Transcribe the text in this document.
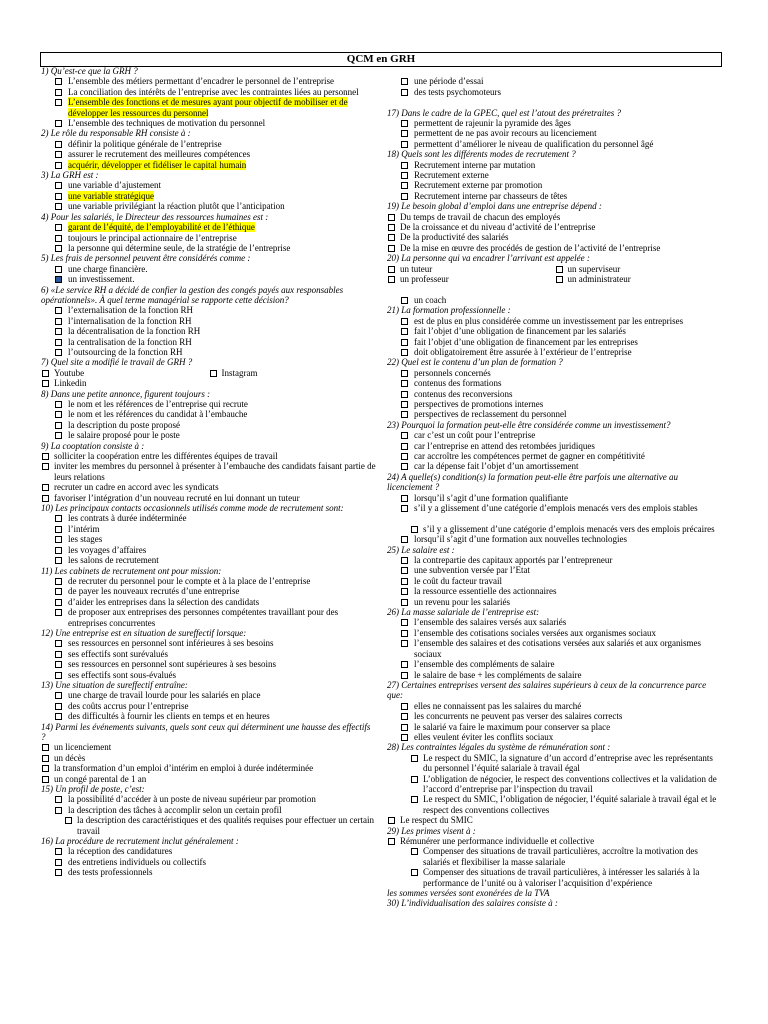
QCM en GRH
1) Qu’est-ce que la GRH ?
L’ensemble des métiers permettant d’encadrer le personnel de l’entreprise
La conciliation des intérêts de l’entreprise avec les contraintes liées au personnel
L’ensemble des fonctions et de mesures ayant pour objectif de mobiliser et de développer les ressources du personnel
L’ensemble des techniques de motivation du personnel
2) Le rôle du responsable RH consiste à :
définir la politique générale de l’entreprise
assurer le recrutement des meilleures compétences
acquérir, développer et fidéliser le capital humain
3) La GRH est :
une variable d’ajustement
une variable stratégique
une variable privilégiant la réaction plutôt que l’anticipation
4) Pour les salariés, le Directeur des ressources humaines est :
garant de l’équité, de l’employabilité et de l’éthique
toujours le principal actionnaire de l’entreprise
la personne qui détermine seule, de la stratégie de l’entreprise
5) Les frais de personnel peuvent être considérés comme :
une charge financière.
un investissement.
6) «Le service RH a décidé de confier la gestion des congés payés aux responsables opérationnels». À quel terme managérial se rapporte cette décision?
l’externalisation de la fonction RH
l’internalisation de la fonction RH
la décentralisation de la fonction RH
la centralisation de la fonction RH
l’outsourcing de la fonction RH
7) Quel site a modifié le travail de GRH ?
Youtube	Instagram
Linkedin
8) Dans une petite annonce, figurent toujours :
le nom et les références de l’entreprise qui recrute
le nom et les références du candidat à l’embauche
la description du poste proposé
le salaire proposé pour le poste
9) La cooptation consiste à :
solliciter la coopération entre les différentes équipes de travail
inviter les membres du personnel à présenter à l’embauche des candidats faisant partie de leurs relations
recruter un cadre en accord avec les syndicats
favoriser l’intégration d’un nouveau recruté en lui donnant un tuteur
10) Les principaux contacts occasionnels utilisés comme mode de recrutement sont:
les contrats à durée indéterminée
l’intérim
les stages
les voyages d’affaires
les salons de recrutement
11) Les cabinets de recrutement ont pour mission:
de recruter du personnel pour le compte et à la place de l’entreprise
de payer les nouveaux recrutés d’une entreprise
d’aider les entreprises dans la sélection des candidats
de proposer aux entreprises des personnes compétentes travaillant pour des entreprises concurrentes
12) Une entreprise est en situation de sureffectif lorsque:
ses ressources en personnel sont inférieures à ses besoins
ses effectifs sont surévalués
ses ressources en personnel sont supérieures à ses besoins
ses effectifs sont sous-évalués
13) Une situation de sureffectif entraîne:
une charge de travail lourde pour les salariés en place
des coûts accrus pour l’entreprise
des difficultés à fournir les clients en temps et en heures
14) Parmi les événements suivants, quels sont ceux qui déterminent une hausse des effectifs ?
un licenciement
un décès
la transformation d’un emploi d’intérim en emploi à durée indéterminée
un congé parental de 1 an
15) Un profil de poste, c’est:
la possibilité d’accéder à un poste de niveau supérieur par promotion
la description des tâches à accomplir selon un certain profil
la description des caractéristiques et des qualités requises pour effectuer un certain travail
16) La procédure de recrutement inclut généralement :
la réception des candidatures
des entretiens individuels ou collectifs
des tests professionnels
une période d’essai
des tests psychomoteurs
17) Dans le cadre de la GPEC, quel est l’atout des préretraites ?
permettent de rajeunir la pyramide des âges
permettent de ne pas avoir recours au licenciement
permettent d’améliorer le niveau de qualification du personnel âgé
18) Quels sont les différents modes de recrutement ?
Recrutement interne par mutation
Recrutement externe
Recrutement externe par promotion
Recrutement interne par chasseurs de têtes
19) Le besoin global d’emploi dans une entreprise dépend :
Du temps de travail de chacun des employés
De la croissance et du niveau d’activité de l’entreprise
De la productivité des salariés
De la mise en œuvre des procédés de gestion de l’activité de l’entreprise
20) La personne qui va encadrer l’arrivant est appelée :
un tuteur	un superviseur
un professeur	un administrateur
un coach
21) La formation professionnelle :
est de plus en plus considérée comme un investissement par les entreprises
fait l’objet d’une obligation de financement par les salariés
fait l’objet d’une obligation de financement par les entreprises
doit obligatoirement être assurée à l’extérieur de l’entreprise
22) Quel est le contenu d’un plan de formation ?
personnels concernés
contenus des formations
contenus des reconversions
perspectives de promotions internes
perspectives de reclassement du personnel
23) Pourquoi la formation peut-elle être considérée comme un investissement?
car c’est un coût pour l’entreprise
car l’entreprise en attend des retombées juridiques
car accroître les compétences permet de gagner en compétitivité
car la dépense fait l’objet d’un amortissement
24) A quelle(s) condition(s) la formation peut-elle être parfois une alternative au licenciement ?
lorsqu’il s’agit d’une formation qualifiante
s’il y a glissement d’une catégorie d’emplois menacés vers des emplois stables
s’il y a glissement d’une catégorie d’emplois menacés vers des emplois précaires
lorsqu’il s’agit d’une formation aux nouvelles technologies
25) Le salaire est :
la contrepartie des capitaux apportés par l’entrepreneur
une subvention versée par l’Etat
le coût du facteur travail
la ressource essentielle des actionnaires
un revenu pour les salariés
26) La masse salariale de l’entreprise est:
l’ensemble des salaires versés aux salariés
l’ensemble des cotisations sociales versées aux organismes sociaux
l’ensemble des salaires et des cotisations versées aux salariés et aux organismes sociaux
l’ensemble des compléments de salaire
le salaire de base + les compléments de salaire
27) Certaines entreprises versent des salaires supérieurs à ceux de la concurrence parce que:
elles ne connaissent pas les salaires du marché
les concurrents ne peuvent pas verser des salaires corrects
le salarié va faire le maximum pour conserver sa place
elles veulent éviter les conflits sociaux
28) Les contraintes légales du système de rémunération sont :
Le respect du SMIC, la signature d’un accord d’entreprise avec les représentants du personnel l’équité salariale à travail égal
L’obligation de négocier, le respect des conventions collectives et la validation de l’accord d’entreprise par l’inspection du travail
Le respect du SMIC, l’obligation de négocier, l’équité salariale à travail égal et le respect des conventions collectives
Le respect du SMIC
29) Les primes visent à :
Rémunérer une performance individuelle et collective
Compenser des situations de travail particulières, accroître la motivation des salariés et flexibiliser la masse salariale
Compenser des situations de travail particulières, à intéresser les salariés à la performance de l’unité ou à valoriser l’acquisition d’expérience
les sommes versées sont exonérées de la TVA
30) L’individualisation des salaires consiste à :
